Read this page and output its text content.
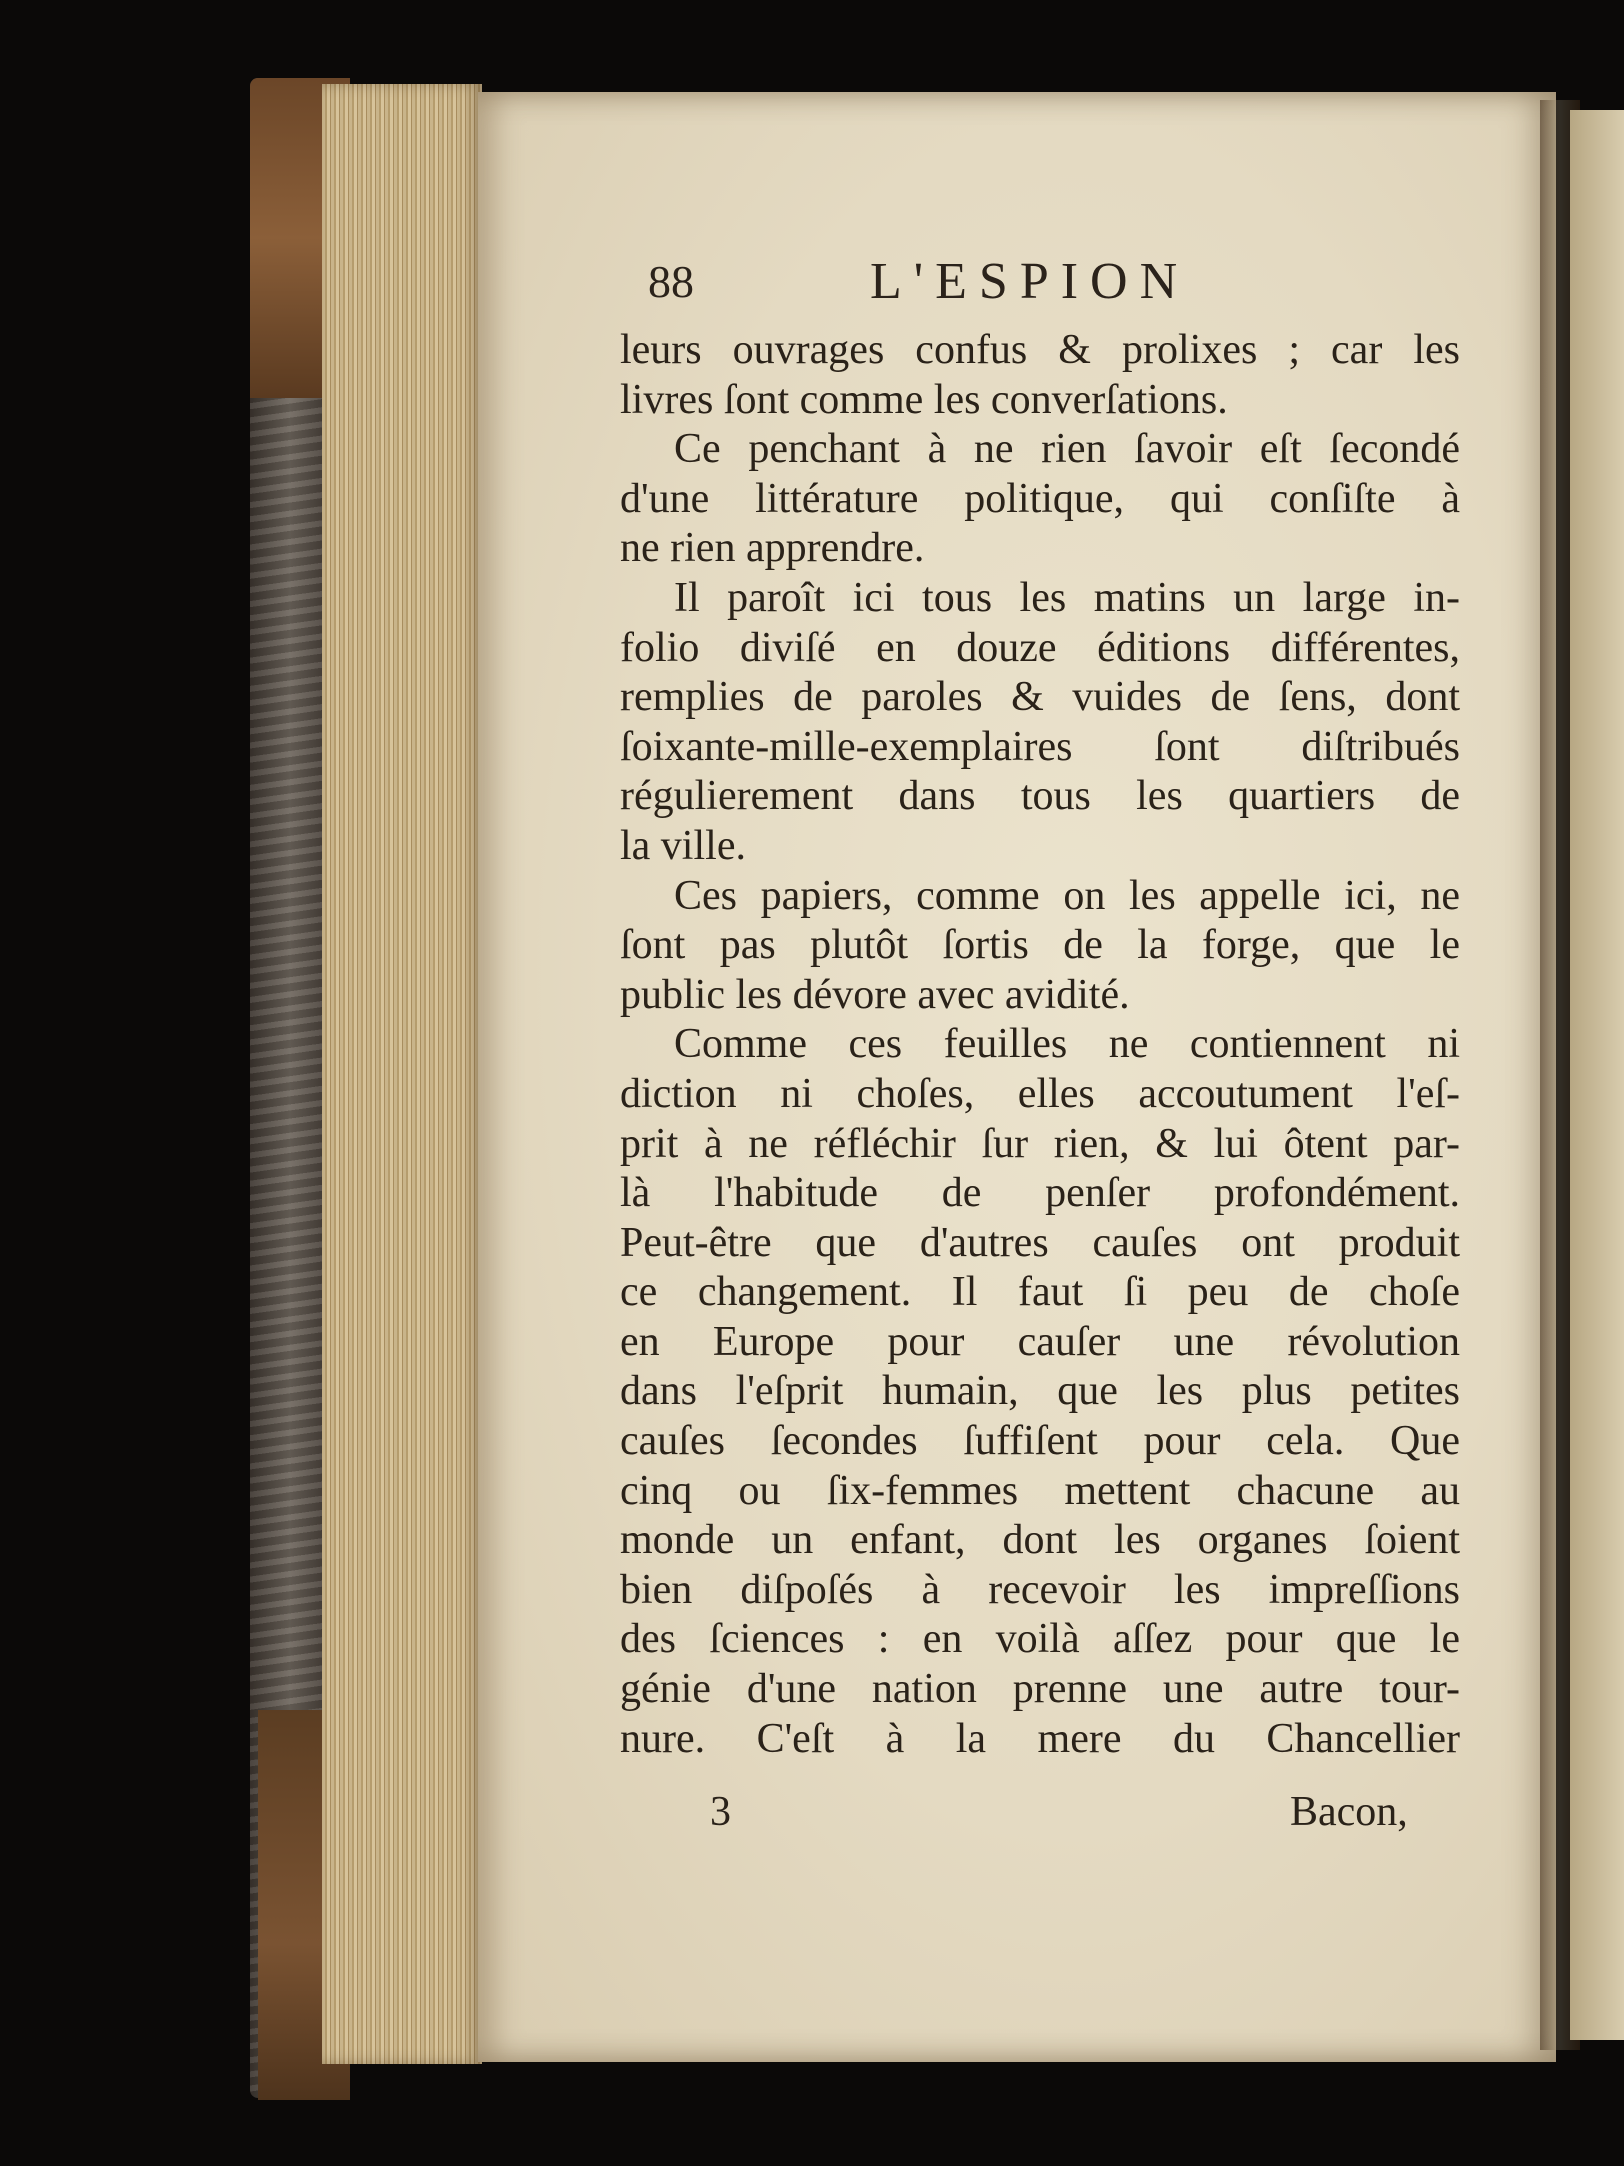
88	L'ESPION
leurs ouvrages confus & prolixes ; car les
livres ſont comme les converſations.
Ce penchant à ne rien ſavoir eſt ſecondé
d'une littérature politique, qui conſiſte à
ne rien apprendre.
Il paroît ici tous les matins un large in-
folio diviſé en douze éditions différentes,
remplies de paroles & vuides de ſens, dont
ſoixante-mille-exemplaires ſont diſtribués
régulierement dans tous les quartiers de
la ville.
Ces papiers, comme on les appelle ici, ne
ſont pas plutôt ſortis de la forge, que le
public les dévore avec avidité.
Comme ces feuilles ne contiennent ni
diction ni choſes, elles accoutument l'eſ-
prit à ne réfléchir ſur rien, & lui ôtent par-
là l'habitude de penſer profondément.
Peut-être que d'autres cauſes ont produit
ce changement. Il faut ſi peu de choſe
en Europe pour cauſer une révolution
dans l'eſprit humain, que les plus petites
cauſes ſecondes ſuffiſent pour cela. Que
cinq ou ſix-femmes mettent chacune au
monde un enfant, dont les organes ſoient
bien diſpoſés à recevoir les impreſſions
des ſciences : en voilà aſſez pour que le
génie d'une nation prenne une autre tour-
nure. C'eſt à la mere du Chancellier
3	Bacon,
